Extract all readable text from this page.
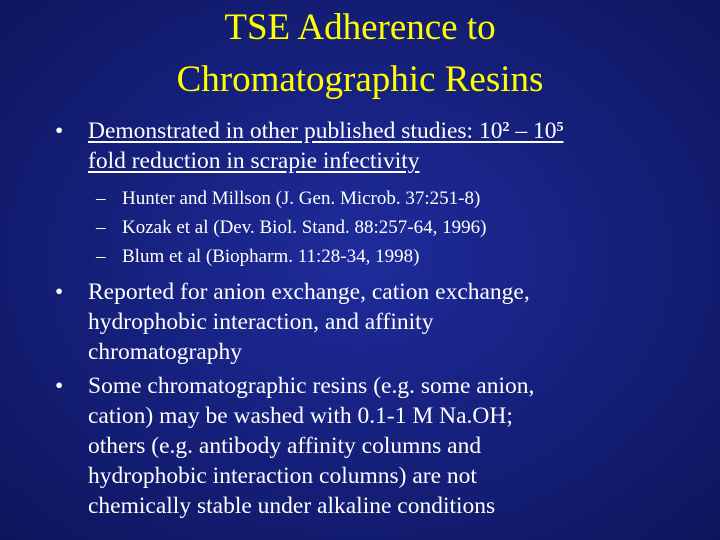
TSE Adherence to
Chromatographic Resins
•
Demonstrated in other published studies: $10^2 - 10^5$
fold reduction in scrapie infectivity
–
Hunter and Millson (J. Gen. Microb. 37:251-8)
–
Kozak et al (Dev. Biol. Stand. 88:257-64, 1996)
–
Blum et al (Biopharm. 11:28-34, 1998)
•
Reported for anion exchange, cation exchange,
hydrophobic interaction, and affinity
chromatography
•
Some chromatographic resins (e.g. some anion,
cation) may be washed with 0.1-1 M Na.OH;
others (e.g. antibody affinity columns and
hydrophobic interaction columns) are not
chemically stable under alkaline conditions
